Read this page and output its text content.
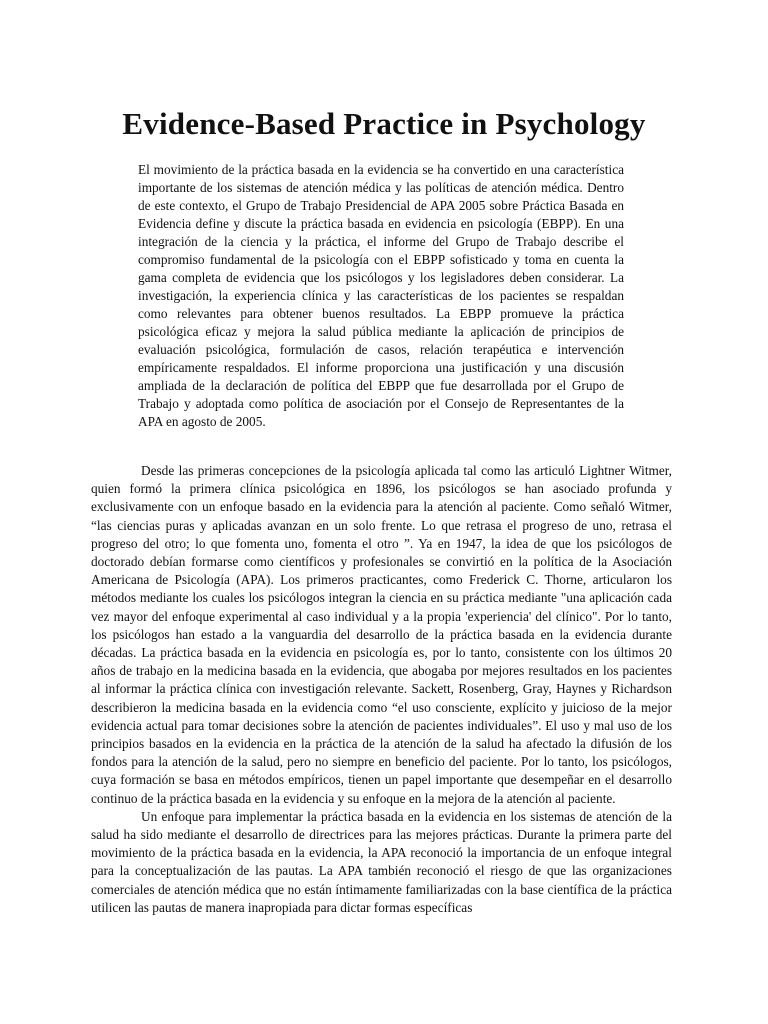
Evidence-Based Practice in Psychology

El movimiento de la práctica basada en la evidencia se ha convertido en una característica importante de los sistemas de atención médica y las políticas de atención médica. Dentro de este contexto, el Grupo de Trabajo Presidencial de APA 2005 sobre Práctica Basada en Evidencia define y discute la práctica basada en evidencia en psicología (EBPP). En una integración de la ciencia y la práctica, el informe del Grupo de Trabajo describe el compromiso fundamental de la psicología con el EBPP sofisticado y toma en cuenta la gama completa de evidencia que los psicólogos y los legisladores deben considerar. La investigación, la experiencia clínica y las características de los pacientes se respaldan como relevantes para obtener buenos resultados. La EBPP promueve la práctica psicológica eficaz y mejora la salud pública mediante la aplicación de principios de evaluación psicológica, formulación de casos, relación terapéutica e intervención empíricamente respaldados. El informe proporciona una justificación y una discusión ampliada de la declaración de política del EBPP que fue desarrollada por el Grupo de Trabajo y adoptada como política de asociación por el Consejo de Representantes de la APA en agosto de 2005.

Desde las primeras concepciones de la psicología aplicada tal como las articuló Lightner Witmer, quien formó la primera clínica psicológica en 1896, los psicólogos se han asociado profunda y exclusivamente con un enfoque basado en la evidencia para la atención al paciente. Como señaló Witmer, “las ciencias puras y aplicadas avanzan en un solo frente. Lo que retrasa el progreso de uno, retrasa el progreso del otro; lo que fomenta uno, fomenta el otro ”. Ya en 1947, la idea de que los psicólogos de doctorado debían formarse como científicos y profesionales se convirtió en la política de la Asociación Americana de Psicología (APA). Los primeros practicantes, como Frederick C. Thorne, articularon los métodos mediante los cuales los psicólogos integran la ciencia en su práctica mediante "una aplicación cada vez mayor del enfoque experimental al caso individual y a la propia 'experiencia' del clínico". Por lo tanto, los psicólogos han estado a la vanguardia del desarrollo de la práctica basada en la evidencia durante décadas. La práctica basada en la evidencia en psicología es, por lo tanto, consistente con los últimos 20 años de trabajo en la medicina basada en la evidencia, que abogaba por mejores resultados en los pacientes al informar la práctica clínica con investigación relevante. Sackett, Rosenberg, Gray, Haynes y Richardson describieron la medicina basada en la evidencia como “el uso consciente, explícito y juicioso de la mejor evidencia actual para tomar decisiones sobre la atención de pacientes individuales”. El uso y mal uso de los principios basados en la evidencia en la práctica de la atención de la salud ha afectado la difusión de los fondos para la atención de la salud, pero no siempre en beneficio del paciente. Por lo tanto, los psicólogos, cuya formación se basa en métodos empíricos, tienen un papel importante que desempeñar en el desarrollo continuo de la práctica basada en la evidencia y su enfoque en la mejora de la atención al paciente.

Un enfoque para implementar la práctica basada en la evidencia en los sistemas de atención de la salud ha sido mediante el desarrollo de directrices para las mejores prácticas. Durante la primera parte del movimiento de la práctica basada en la evidencia, la APA reconoció la importancia de un enfoque integral para la conceptualización de las pautas. La APA también reconoció el riesgo de que las organizaciones comerciales de atención médica que no están íntimamente familiarizadas con la base científica de la práctica utilicen las pautas de manera inapropiada para dictar formas específicas
